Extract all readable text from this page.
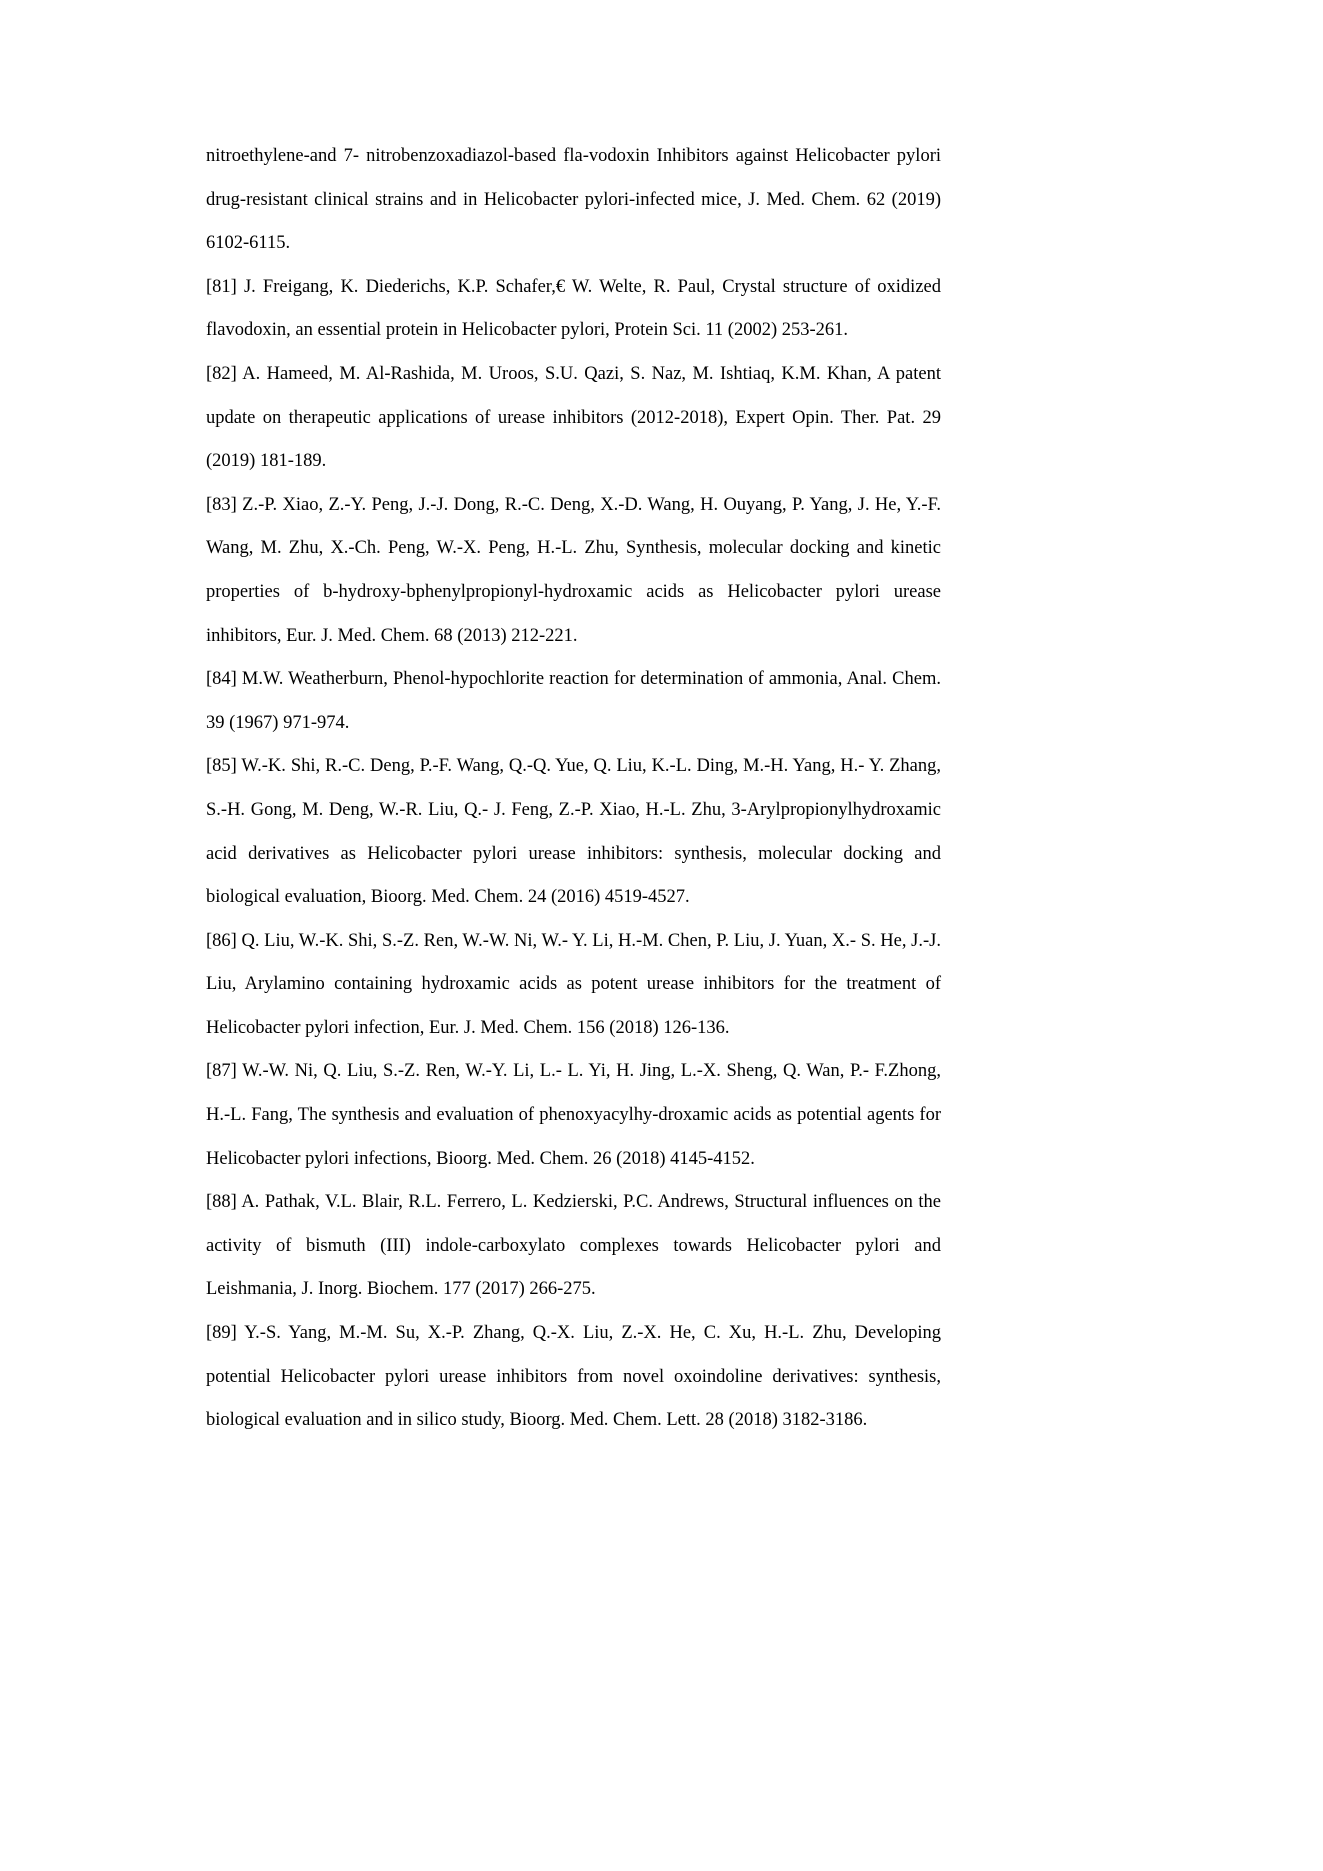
nitroethylene-and 7- nitrobenzoxadiazol-based fla-vodoxin Inhibitors against Helicobacter pylori drug-resistant clinical strains and in Helicobacter pylori-infected mice, J. Med. Chem. 62 (2019) 6102-6115.

[81] J. Freigang, K. Diederichs, K.P. Schafer,€ W. Welte, R. Paul, Crystal structure of oxidized flavodoxin, an essential protein in Helicobacter pylori, Protein Sci. 11 (2002) 253-261.

[82] A. Hameed, M. Al-Rashida, M. Uroos, S.U. Qazi, S. Naz, M. Ishtiaq, K.M. Khan, A patent update on therapeutic applications of urease inhibitors (2012-2018), Expert Opin. Ther. Pat. 29 (2019) 181-189.

[83] Z.-P. Xiao, Z.-Y. Peng, J.-J. Dong, R.-C. Deng, X.-D. Wang, H. Ouyang, P. Yang, J. He, Y.-F. Wang, M. Zhu, X.-Ch. Peng, W.-X. Peng, H.-L. Zhu, Synthesis, molecular docking and kinetic properties of b-hydroxy-bphenylpropionyl-hydroxamic acids as Helicobacter pylori urease inhibitors, Eur. J. Med. Chem. 68 (2013) 212-221.

[84] M.W. Weatherburn, Phenol-hypochlorite reaction for determination of ammonia, Anal. Chem. 39 (1967) 971-974.

[85] W.-K. Shi, R.-C. Deng, P.-F. Wang, Q.-Q. Yue, Q. Liu, K.-L. Ding, M.-H. Yang, H.- Y. Zhang, S.-H. Gong, M. Deng, W.-R. Liu, Q.- J. Feng, Z.-P. Xiao, H.-L. Zhu, 3-Arylpropionylhydroxamic acid derivatives as Helicobacter pylori urease inhibitors: synthesis, molecular docking and biological evaluation, Bioorg. Med. Chem. 24 (2016) 4519-4527.

[86] Q. Liu, W.-K. Shi, S.-Z. Ren, W.-W. Ni, W.- Y. Li, H.-M. Chen, P. Liu, J. Yuan, X.- S. He, J.-J. Liu, Arylamino containing hydroxamic acids as potent urease inhibitors for the treatment of Helicobacter pylori infection, Eur. J. Med. Chem. 156 (2018) 126-136.

[87] W.-W. Ni, Q. Liu, S.-Z. Ren, W.-Y. Li, L.- L. Yi, H. Jing, L.-X. Sheng, Q. Wan, P.- F.Zhong, H.-L. Fang, The synthesis and evaluation of phenoxyacylhy-droxamic acids as potential agents for Helicobacter pylori infections, Bioorg. Med. Chem. 26 (2018) 4145-4152.

[88] A. Pathak, V.L. Blair, R.L. Ferrero, L. Kedzierski, P.C. Andrews, Structural influences on the activity of bismuth (III) indole-carboxylato complexes towards Helicobacter pylori and Leishmania, J. Inorg. Biochem. 177 (2017) 266-275.

[89] Y.-S. Yang, M.-M. Su, X.-P. Zhang, Q.-X. Liu, Z.-X. He, C. Xu, H.-L. Zhu, Developing potential Helicobacter pylori urease inhibitors from novel oxoindoline derivatives: synthesis, biological evaluation and in silico study, Bioorg. Med. Chem. Lett. 28 (2018) 3182-3186.
